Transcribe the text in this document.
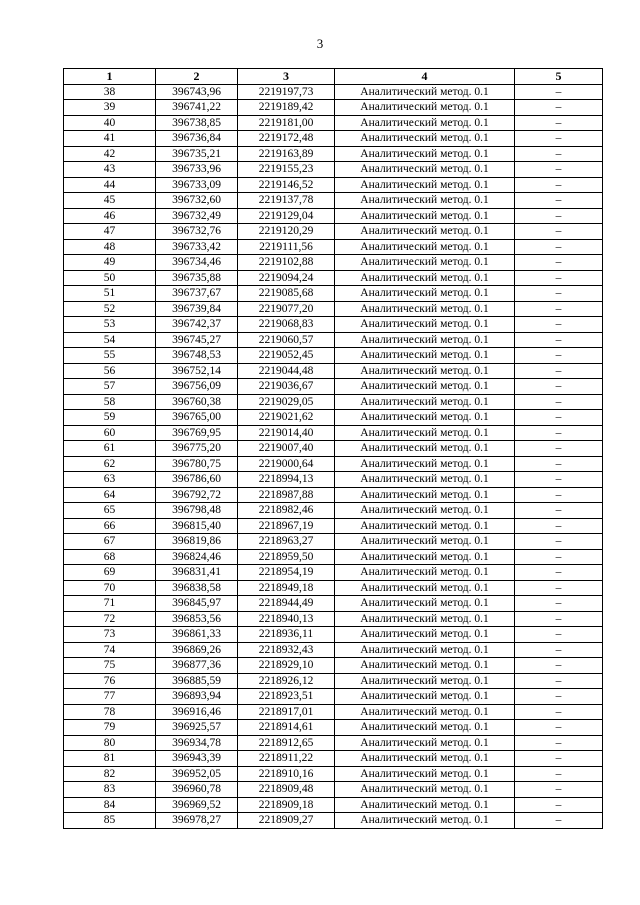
3
1	2	3	4	5
38	396743,96	2219197,73	Аналитический метод. 0.1	–
39	396741,22	2219189,42	Аналитический метод. 0.1	–
40	396738,85	2219181,00	Аналитический метод. 0.1	–
41	396736,84	2219172,48	Аналитический метод. 0.1	–
42	396735,21	2219163,89	Аналитический метод. 0.1	–
43	396733,96	2219155,23	Аналитический метод. 0.1	–
44	396733,09	2219146,52	Аналитический метод. 0.1	–
45	396732,60	2219137,78	Аналитический метод. 0.1	–
46	396732,49	2219129,04	Аналитический метод. 0.1	–
47	396732,76	2219120,29	Аналитический метод. 0.1	–
48	396733,42	2219111,56	Аналитический метод. 0.1	–
49	396734,46	2219102,88	Аналитический метод. 0.1	–
50	396735,88	2219094,24	Аналитический метод. 0.1	–
51	396737,67	2219085,68	Аналитический метод. 0.1	–
52	396739,84	2219077,20	Аналитический метод. 0.1	–
53	396742,37	2219068,83	Аналитический метод. 0.1	–
54	396745,27	2219060,57	Аналитический метод. 0.1	–
55	396748,53	2219052,45	Аналитический метод. 0.1	–
56	396752,14	2219044,48	Аналитический метод. 0.1	–
57	396756,09	2219036,67	Аналитический метод. 0.1	–
58	396760,38	2219029,05	Аналитический метод. 0.1	–
59	396765,00	2219021,62	Аналитический метод. 0.1	–
60	396769,95	2219014,40	Аналитический метод. 0.1	–
61	396775,20	2219007,40	Аналитический метод. 0.1	–
62	396780,75	2219000,64	Аналитический метод. 0.1	–
63	396786,60	2218994,13	Аналитический метод. 0.1	–
64	396792,72	2218987,88	Аналитический метод. 0.1	–
65	396798,48	2218982,46	Аналитический метод. 0.1	–
66	396815,40	2218967,19	Аналитический метод. 0.1	–
67	396819,86	2218963,27	Аналитический метод. 0.1	–
68	396824,46	2218959,50	Аналитический метод. 0.1	–
69	396831,41	2218954,19	Аналитический метод. 0.1	–
70	396838,58	2218949,18	Аналитический метод. 0.1	–
71	396845,97	2218944,49	Аналитический метод. 0.1	–
72	396853,56	2218940,13	Аналитический метод. 0.1	–
73	396861,33	2218936,11	Аналитический метод. 0.1	–
74	396869,26	2218932,43	Аналитический метод. 0.1	–
75	396877,36	2218929,10	Аналитический метод. 0.1	–
76	396885,59	2218926,12	Аналитический метод. 0.1	–
77	396893,94	2218923,51	Аналитический метод. 0.1	–
78	396916,46	2218917,01	Аналитический метод. 0.1	–
79	396925,57	2218914,61	Аналитический метод. 0.1	–
80	396934,78	2218912,65	Аналитический метод. 0.1	–
81	396943,39	2218911,22	Аналитический метод. 0.1	–
82	396952,05	2218910,16	Аналитический метод. 0.1	–
83	396960,78	2218909,48	Аналитический метод. 0.1	–
84	396969,52	2218909,18	Аналитический метод. 0.1	–
85	396978,27	2218909,27	Аналитический метод. 0.1	–
